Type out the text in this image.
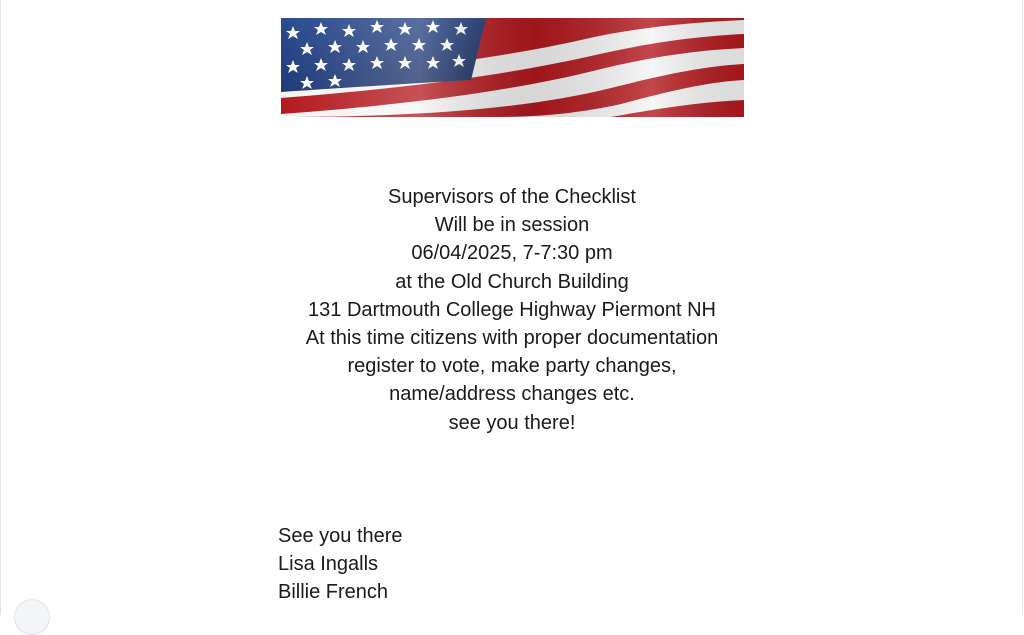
Supervisors of the Checklist
Will be in session
06/04/2025, 7-7:30 pm
at the Old Church Building
131 Dartmouth College Highway Piermont NH
At this time citizens with proper documentation
register to vote, make party changes,
name/address changes etc.
see you there!
See you there
Lisa Ingalls
Billie French
